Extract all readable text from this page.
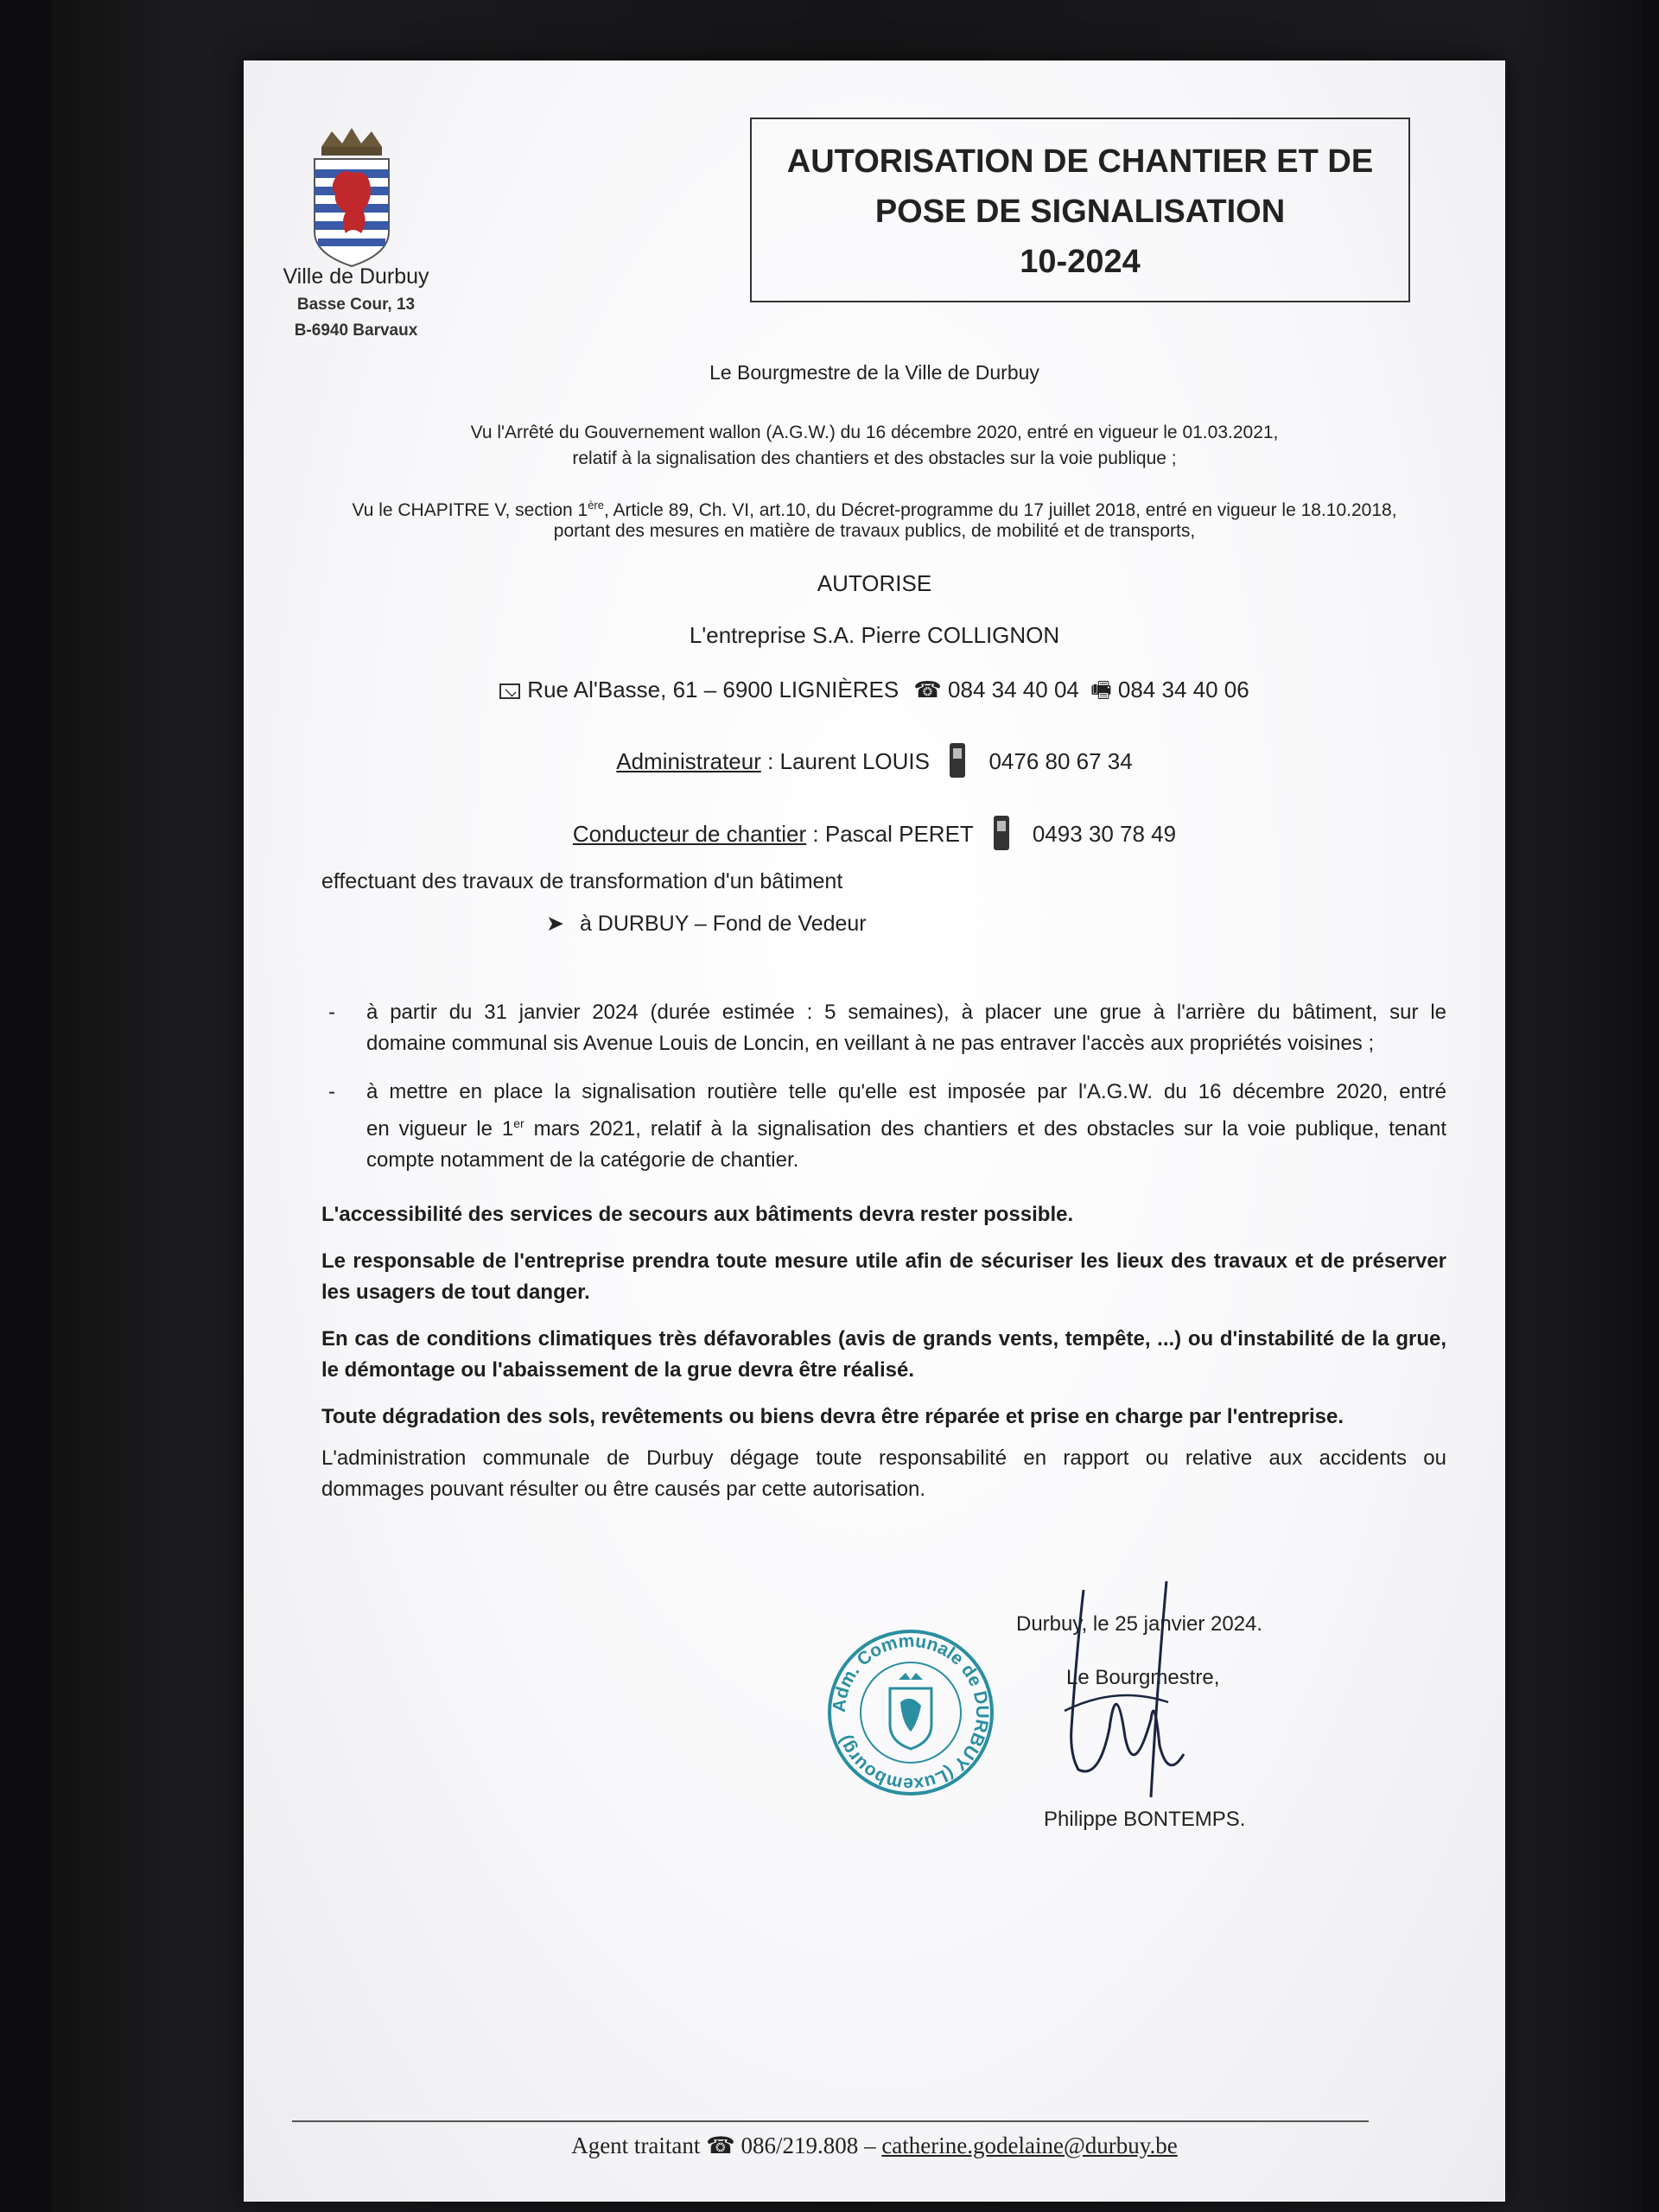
Ville de Durbuy
Basse Cour, 13
B-6940 Barvaux
AUTORISATION DE CHANTIER ET DE
POSE DE SIGNALISATION
10-2024
Le Bourgmestre de la Ville de Durbuy
Vu l'Arrêté du Gouvernement wallon (A.G.W.) du 16 décembre 2020, entré en vigueur le 01.03.2021,
relatif à la signalisation des chantiers et des obstacles sur la voie publique ;
Vu le CHAPITRE V, section 1ère, Article 89, Ch. VI, art.10, du Décret-programme du 17 juillet 2018, entré en vigueur le 18.10.2018,
portant des mesures en matière de travaux publics, de mobilité et de transports,
AUTORISE
L'entreprise S.A. Pierre COLLIGNON
Rue Al'Basse, 61 – 6900 LIGNIÈRES ☎ 084 34 40 04 🖷 084 34 40 06
Administrateur : Laurent LOUIS	0476 80 67 34
Conducteur de chantier : Pascal PERET	0493 30 78 49
effectuant des travaux de transformation d'un bâtiment
➤ à DURBUY – Fond de Vedeur
- à partir du 31 janvier 2024 (durée estimée : 5 semaines), à placer une grue à l'arrière du bâtiment, sur le
domaine communal sis Avenue Louis de Loncin, en veillant à ne pas entraver l'accès aux propriétés voisines ;
- à mettre en place la signalisation routière telle qu'elle est imposée par l'A.G.W. du 16 décembre 2020, entré
en vigueur le 1er mars 2021, relatif à la signalisation des chantiers et des obstacles sur la voie publique, tenant
compte notamment de la catégorie de chantier.
L'accessibilité des services de secours aux bâtiments devra rester possible.
Le responsable de l'entreprise prendra toute mesure utile afin de sécuriser les lieux des travaux et de préserver
les usagers de tout danger.
En cas de conditions climatiques très défavorables (avis de grands vents, tempête, ...) ou d'instabilité de la grue,
le démontage ou l'abaissement de la grue devra être réalisé.
Toute dégradation des sols, revêtements ou biens devra être réparée et prise en charge par l'entreprise.
L'administration communale de Durbuy dégage toute responsabilité en rapport ou relative aux accidents ou
dommages pouvant résulter ou être causés par cette autorisation.
Durbuy, le 25 janvier 2024.
Le Bourgmestre,
Philippe BONTEMPS.
Adm. Communale de DURBUY (Luxembourg)
Agent traitant ☎ 086/219.808 – catherine.godelaine@durbuy.be
